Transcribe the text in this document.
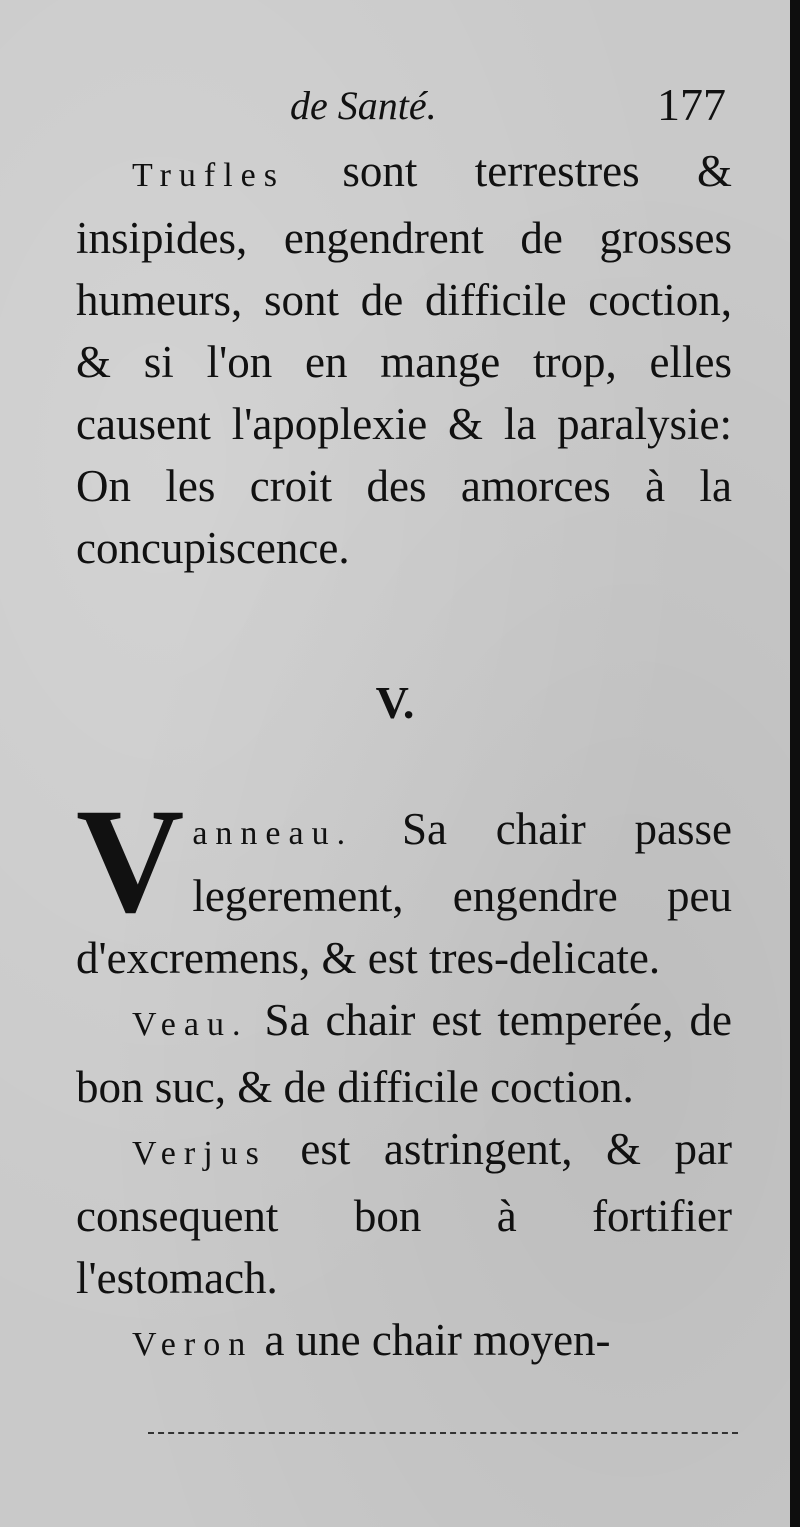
de Santé.	177

Trufles sont terrestres & insipides, engendrent de grosses humeurs, sont de difficile coction, & si l'on en mange trop, elles causent l'apoplexie & la paralysie: On les croit des amorces à la concupiscence.

V.

Vanneau. Sa chair passe legerement, engendre peu d'excremens, & est tres-delicate.

Veau. Sa chair est temperée, de bon suc, & de difficile coction.

Verjus est astringent, & par consequent bon à fortifier l'estomach.

Veron a une chair moyen-
